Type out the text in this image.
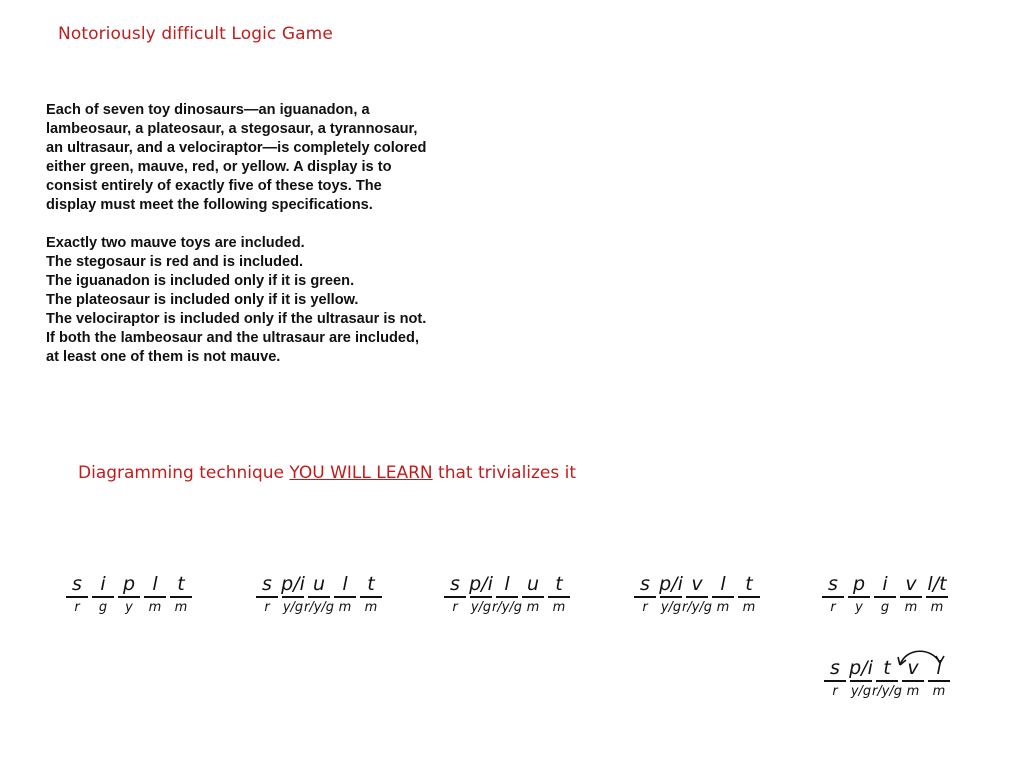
Notoriously difficult Logic Game

Each of seven toy dinosaurs—an iguanadon, a
lambeosaur, a plateosaur, a stegosaur, a tyrannosaur,
an ultrasaur, and a velociraptor—is completely colored
either green, mauve, red, or yellow. A display is to
consist entirely of exactly five of these toys. The
display must meet the following specifications.

Exactly two mauve toys are included.
The stegosaur is red and is included.
The iguanadon is included only if it is green.
The plateosaur is included only if it is yellow.
The velociraptor is included only if the ultrasaur is not.
If both the lambeosaur and the ultrasaur are included,
at least one of them is not mauve.

Diagramming technique YOU WILL LEARN that trivializes it
s
r
i
g
p
y
l
m
t
m
s
r
p/i
y/g
u
r/y/g
l
m
t
m
s
r
p/i
y/g
l
r/y/g
u
m
t
m
s
r
p/i
y/g
v
r/y/g
l
m
t
m
s
r
p
y
i
g
v
m
l/t
m
s
r
p/i
y/g
t
r/y/g
v
m
l
m
